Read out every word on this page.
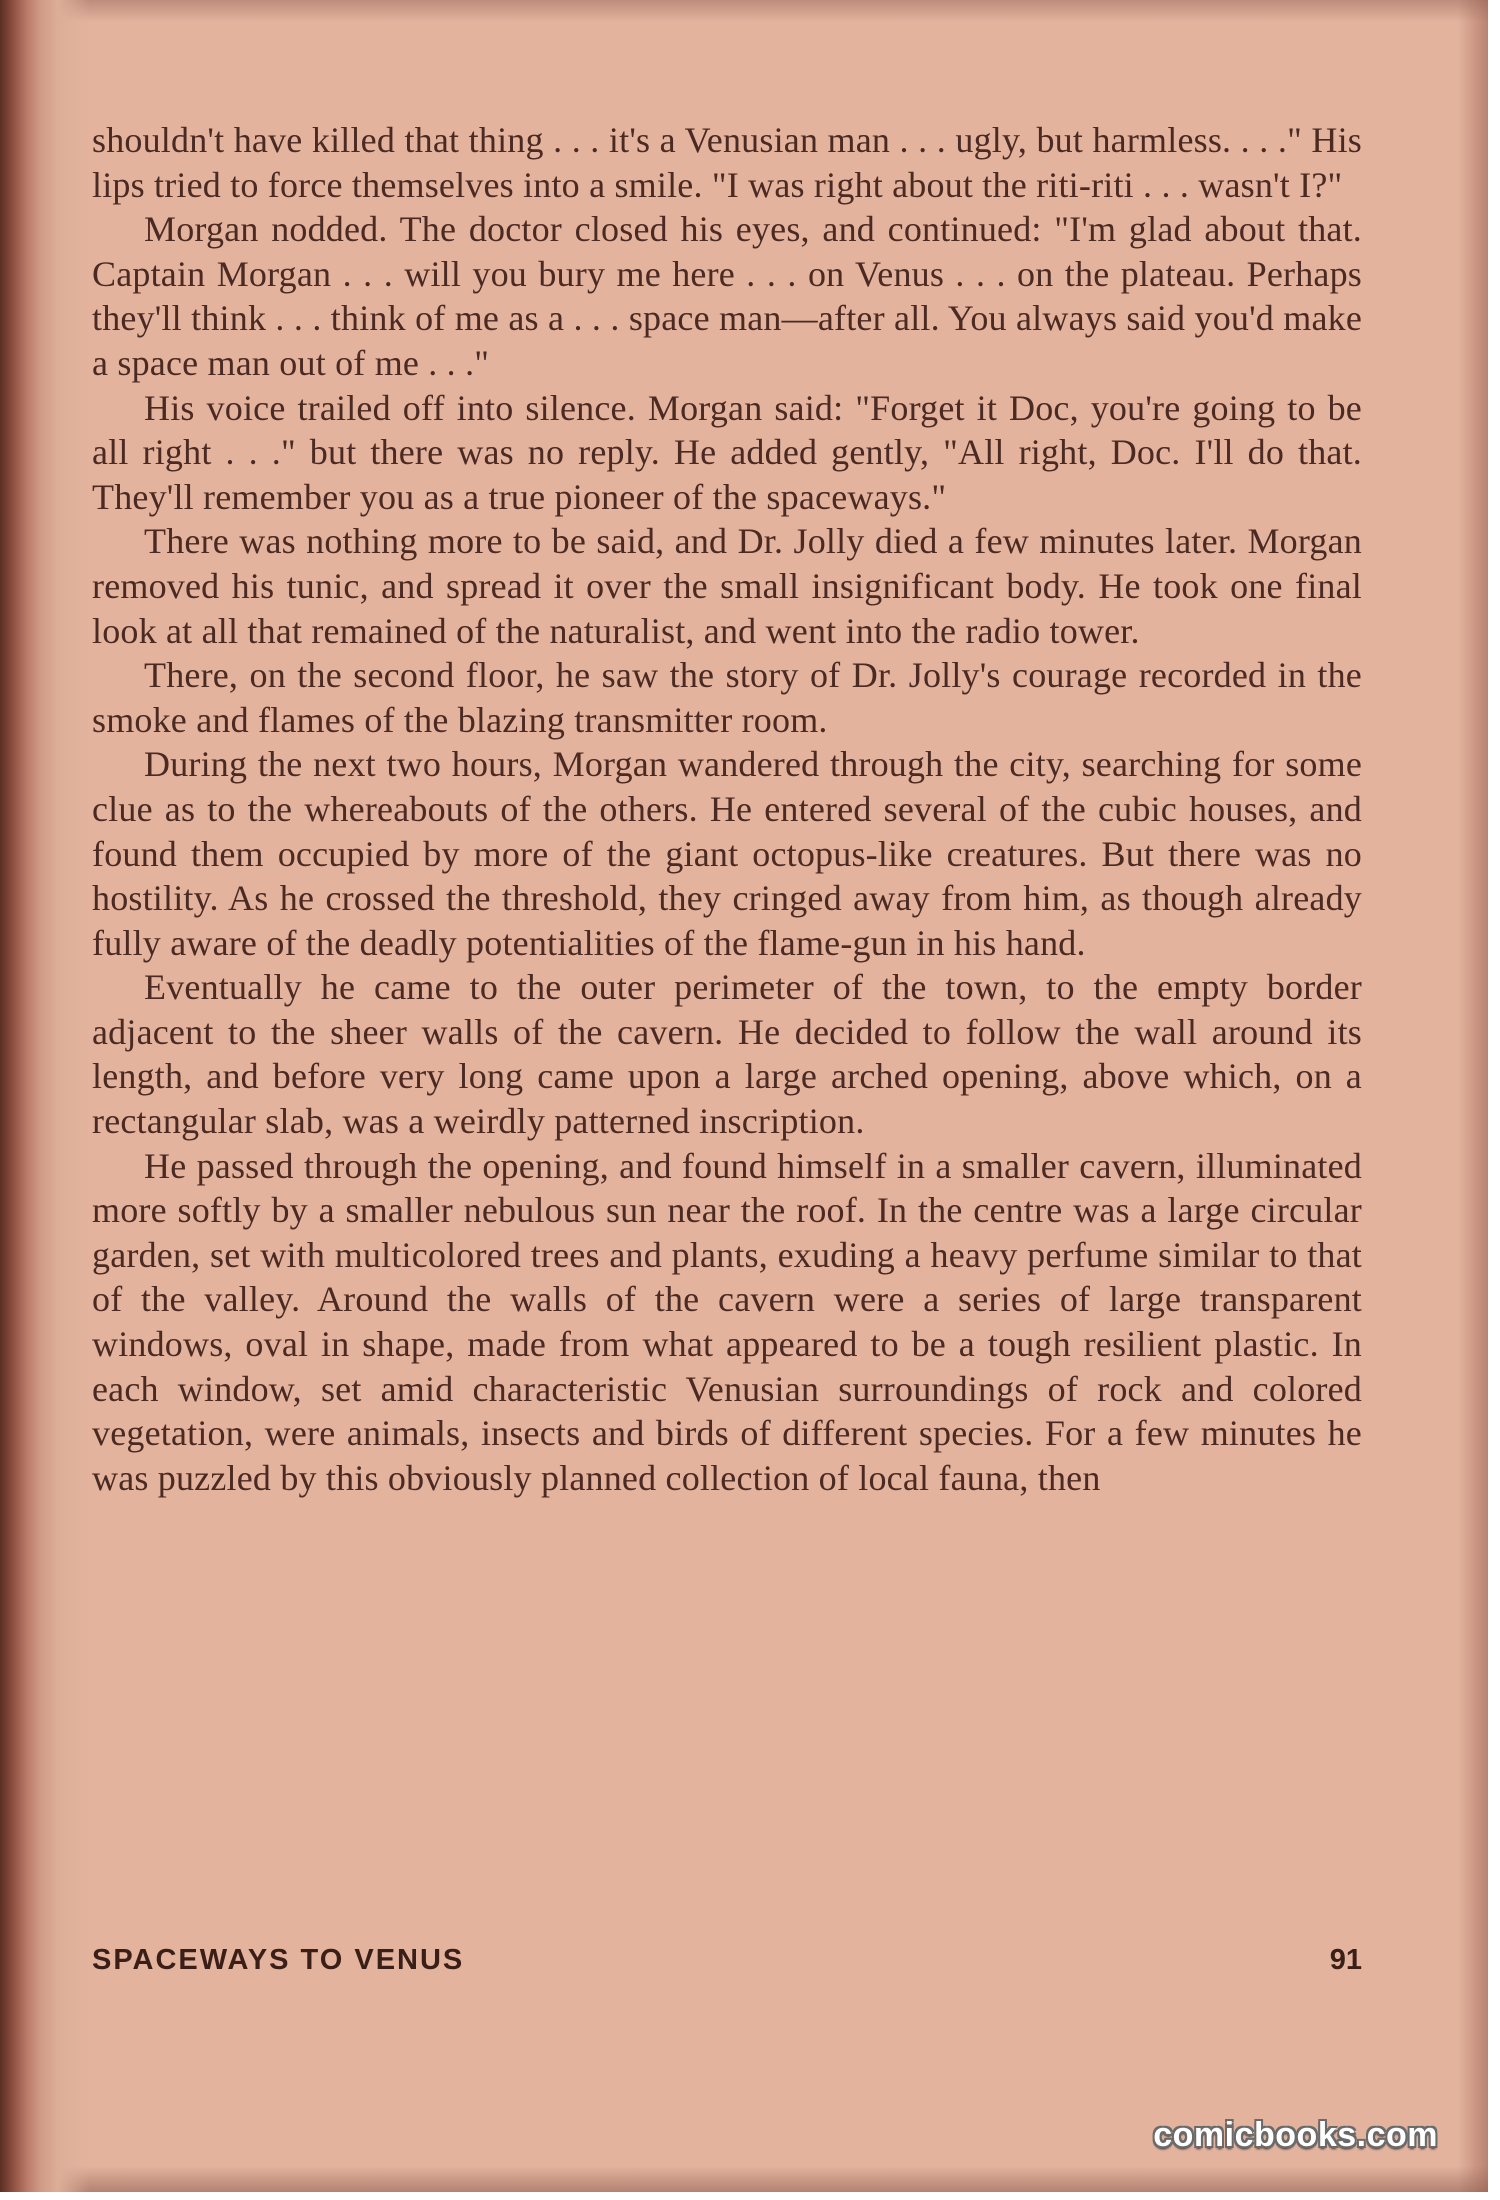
shouldn't have killed that thing . . . it's a Venusian man . . . ugly, but harmless. . . ." His lips tried to force themselves into a smile. "I was right about the riti-riti . . . wasn't I?"

Morgan nodded. The doctor closed his eyes, and continued: "I'm glad about that. Captain Morgan . . . will you bury me here . . . on Venus . . . on the plateau. Perhaps they'll think . . . think of me as a . . . space man—after all. You always said you'd make a space man out of me . . ."

His voice trailed off into silence. Morgan said: "Forget it Doc, you're going to be all right . . ." but there was no reply. He added gently, "All right, Doc. I'll do that. They'll remember you as a true pioneer of the spaceways."

There was nothing more to be said, and Dr. Jolly died a few minutes later. Morgan removed his tunic, and spread it over the small insignificant body. He took one final look at all that remained of the naturalist, and went into the radio tower.

There, on the second floor, he saw the story of Dr. Jolly's courage recorded in the smoke and flames of the blazing transmitter room.

During the next two hours, Morgan wandered through the city, searching for some clue as to the whereabouts of the others. He entered several of the cubic houses, and found them occupied by more of the giant octopus-like creatures. But there was no hostility. As he crossed the threshold, they cringed away from him, as though already fully aware of the deadly potentialities of the flame-gun in his hand.

Eventually he came to the outer perimeter of the town, to the empty border adjacent to the sheer walls of the cavern. He decided to follow the wall around its length, and before very long came upon a large arched opening, above which, on a rectangular slab, was a weirdly patterned inscription.

He passed through the opening, and found himself in a smaller cavern, illuminated more softly by a smaller nebulous sun near the roof. In the centre was a large circular garden, set with multicolored trees and plants, exuding a heavy perfume similar to that of the valley. Around the walls of the cavern were a series of large transparent windows, oval in shape, made from what appeared to be a tough resilient plastic. In each window, set amid characteristic Venusian surroundings of rock and colored vegetation, were animals, insects and birds of different species. For a few minutes he was puzzled by this obviously planned collection of local fauna, then

SPACEWAYS TO VENUS	91
comicbooks.com
